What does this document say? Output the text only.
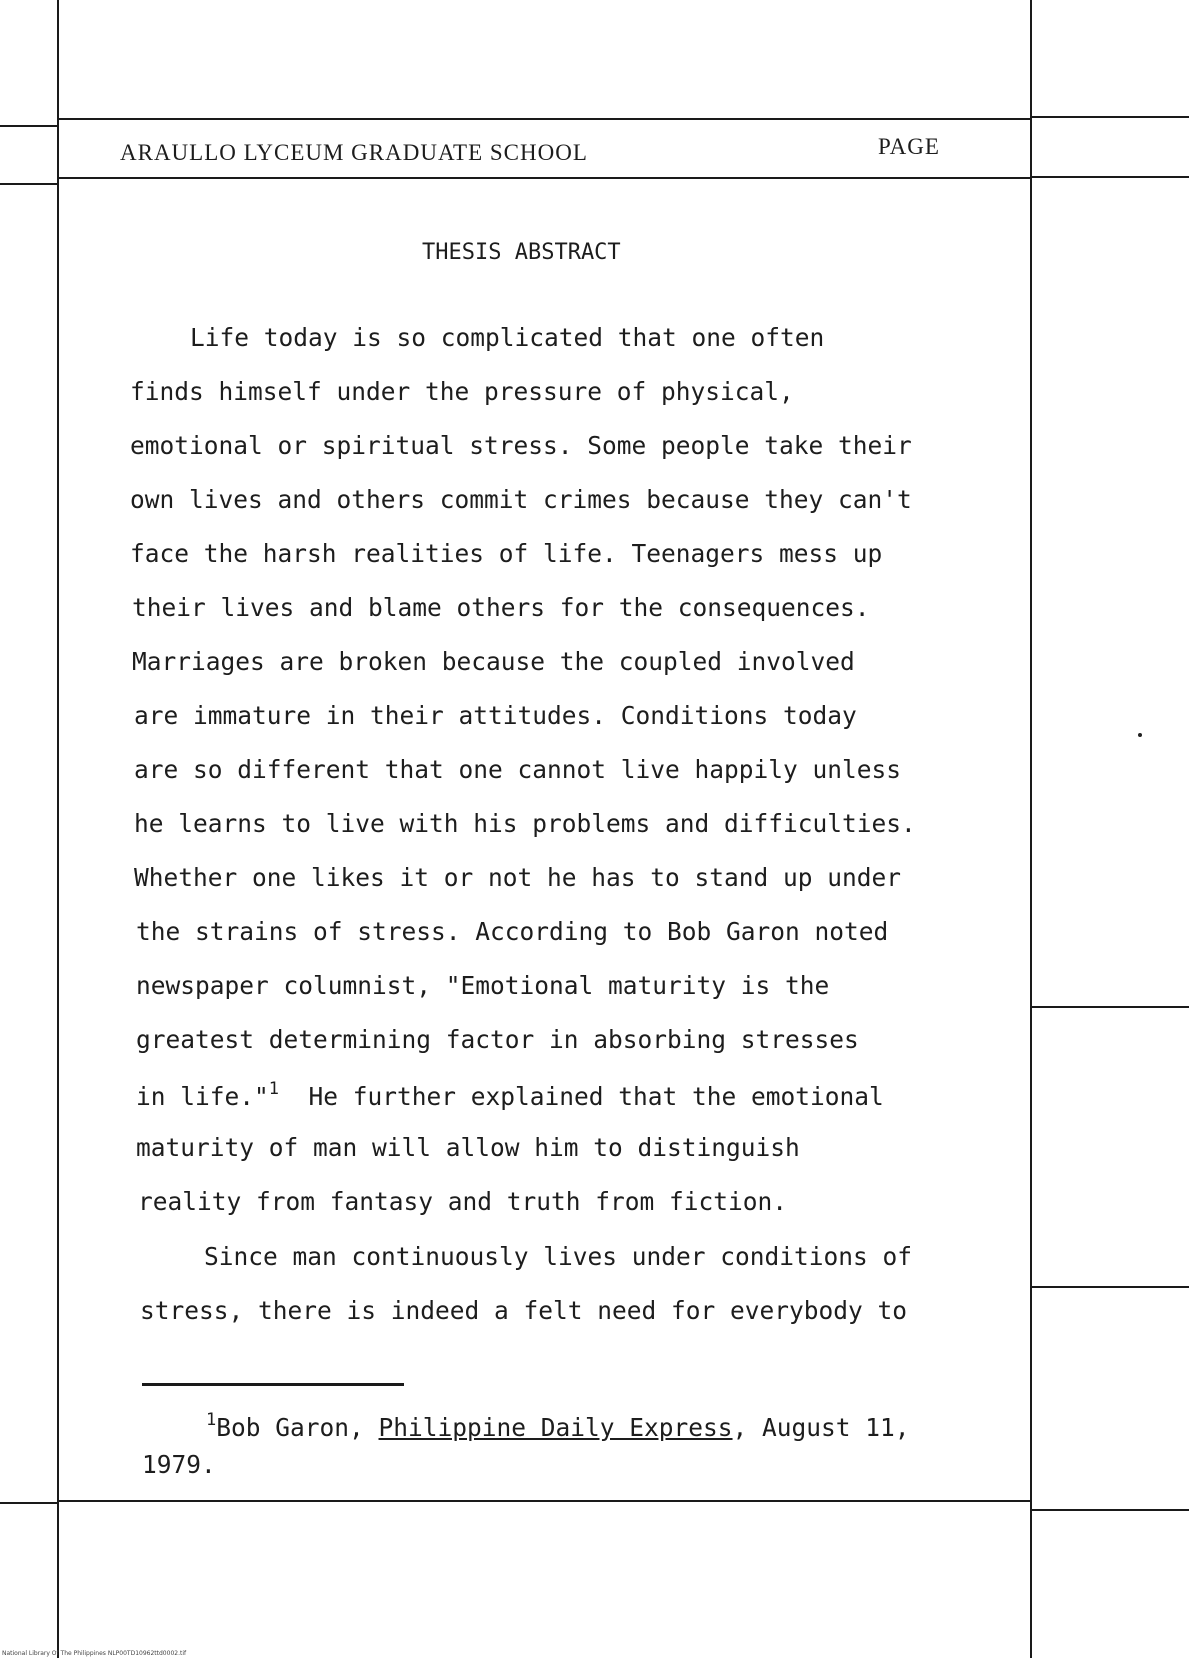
ARAULLO LYCEUM GRADUATE SCHOOL	PAGE
THESIS ABSTRACT
Life today is so complicated that one often
finds himself under the pressure of physical,
emotional or spiritual stress. Some people take their
own lives and others commit crimes because they can't
face the harsh realities of life. Teenagers mess up
their lives and blame others for the consequences.
Marriages are broken because the coupled involved
are immature in their attitudes. Conditions today
are so different that one cannot live happily unless
he learns to live with his problems and difficulties.
Whether one likes it or not he has to stand up under
the strains of stress. According to Bob Garon noted
newspaper columnist, "Emotional maturity is the
greatest determining factor in absorbing stresses
in life."$^1$  He further explained that the emotional
maturity of man will allow him to distinguish
reality from fantasy and truth from fiction.
Since man continuously lives under conditions of
stress, there is indeed a felt need for everybody to
$^1$Bob Garon, Philippine Daily Express, August 11,
1979.
National Library Of The Philippines NLP00TD10962ttd0002.tif
